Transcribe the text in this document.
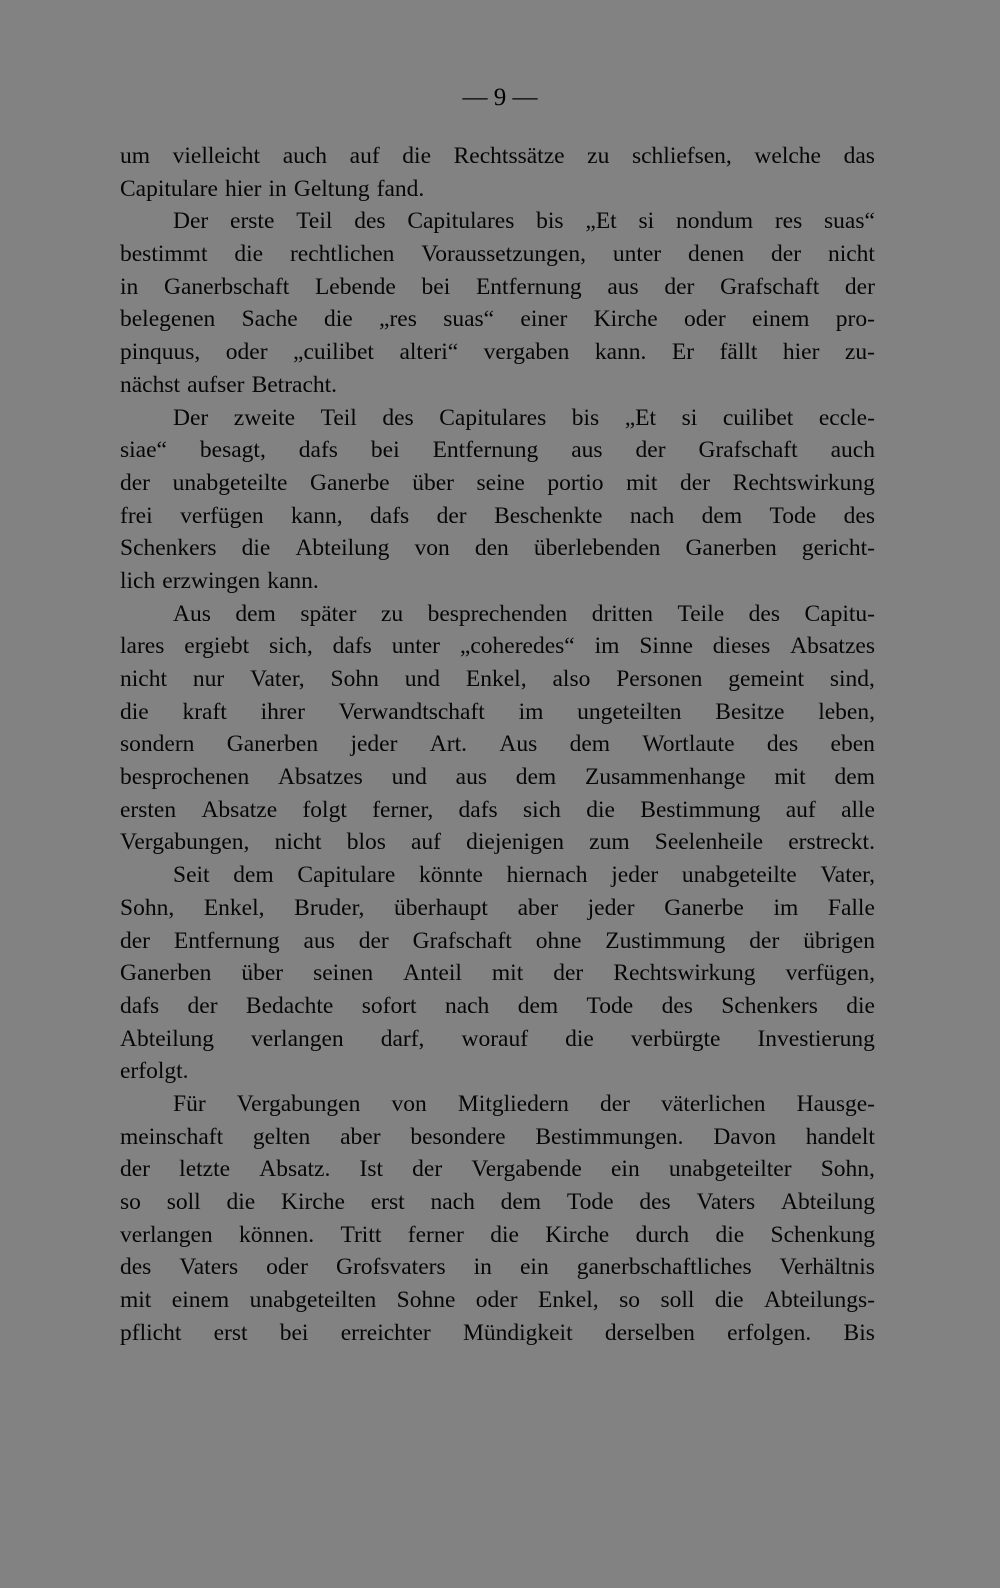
— 9 —

um vielleicht auch auf die Rechtssätze zu schliefsen, welche das
Capitulare hier in Geltung fand.
Der erste Teil des Capitulares bis „Et si nondum res suas“
bestimmt die rechtlichen Voraussetzungen, unter denen der nicht
in Ganerbschaft Lebende bei Entfernung aus der Grafschaft der
belegenen Sache die „res suas“ einer Kirche oder einem pro-
pinquus, oder „cuilibet alteri“ vergaben kann. Er fällt hier zu-
nächst aufser Betracht.
Der zweite Teil des Capitulares bis „Et si cuilibet eccle-
siae“ besagt, dafs bei Entfernung aus der Grafschaft auch
der unabgeteilte Ganerbe über seine portio mit der Rechtswirkung
frei verfügen kann, dafs der Beschenkte nach dem Tode des
Schenkers die Abteilung von den überlebenden Ganerben gericht-
lich erzwingen kann.
Aus dem später zu besprechenden dritten Teile des Capitu-
lares ergiebt sich, dafs unter „coheredes“ im Sinne dieses Absatzes
nicht nur Vater, Sohn und Enkel, also Personen gemeint sind,
die kraft ihrer Verwandtschaft im ungeteilten Besitze leben,
sondern Ganerben jeder Art. Aus dem Wortlaute des eben
besprochenen Absatzes und aus dem Zusammenhange mit dem
ersten Absatze folgt ferner, dafs sich die Bestimmung auf alle
Vergabungen, nicht blos auf diejenigen zum Seelenheile erstreckt.
Seit dem Capitulare könnte hiernach jeder unabgeteilte Vater,
Sohn, Enkel, Bruder, überhaupt aber jeder Ganerbe im Falle
der Entfernung aus der Grafschaft ohne Zustimmung der übrigen
Ganerben über seinen Anteil mit der Rechtswirkung verfügen,
dafs der Bedachte sofort nach dem Tode des Schenkers die
Abteilung verlangen darf, worauf die verbürgte Investierung
erfolgt.
Für Vergabungen von Mitgliedern der väterlichen Hausge-
meinschaft gelten aber besondere Bestimmungen. Davon handelt
der letzte Absatz. Ist der Vergabende ein unabgeteilter Sohn,
so soll die Kirche erst nach dem Tode des Vaters Abteilung
verlangen können. Tritt ferner die Kirche durch die Schenkung
des Vaters oder Grofsvaters in ein ganerbschaftliches Verhältnis
mit einem unabgeteilten Sohne oder Enkel, so soll die Abteilungs-
pflicht erst bei erreichter Mündigkeit derselben erfolgen. Bis
